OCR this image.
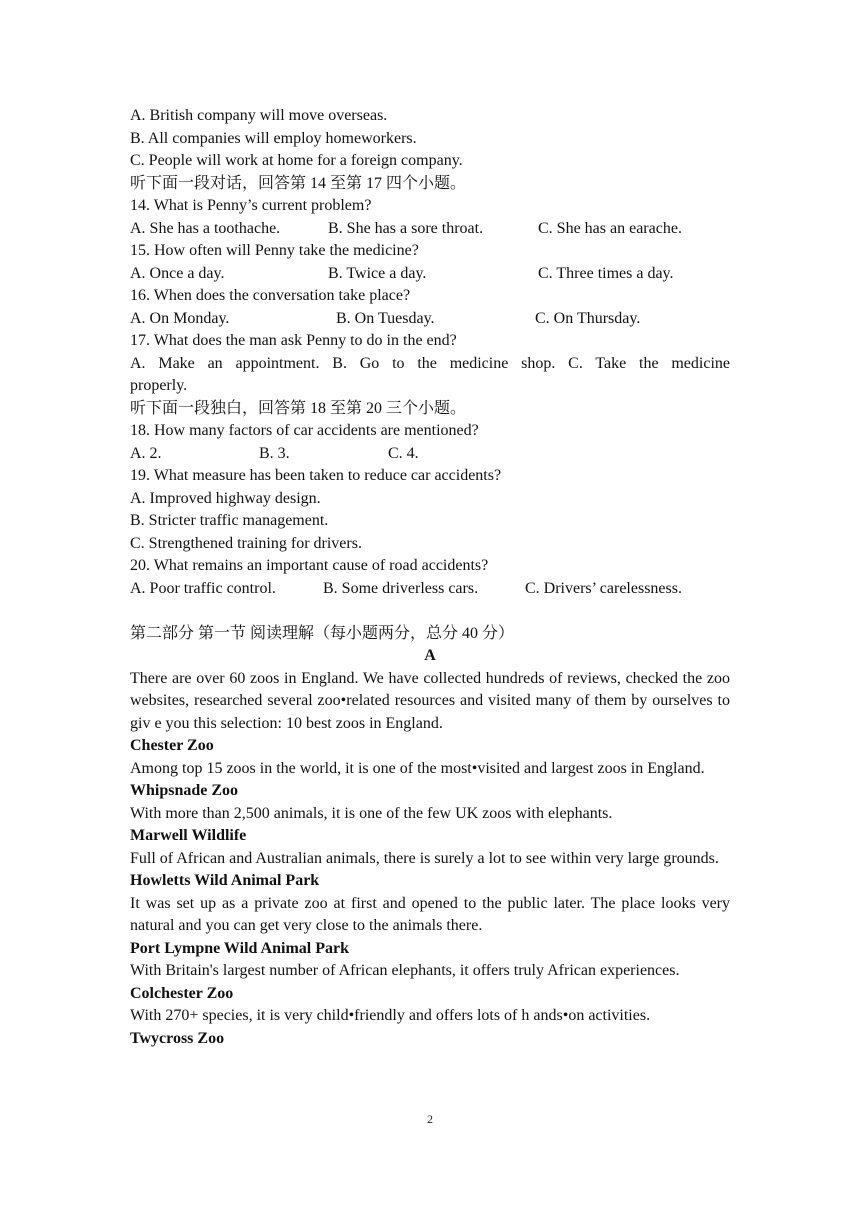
A. British company will move overseas.
B. All companies will employ homeworkers.
C. People will work at home for a foreign company.
听下面一段对话，回答第 14 至第 17 四个小题。
14. What is Penny’s current problem?
A. She has a toothache.	B. She has a sore throat.	C. She has an earache.
15. How often will Penny take the medicine?
A. Once a day.	B. Twice a day.	C. Three times a day.
16. When does the conversation take place?
A. On Monday.	B. On Tuesday.	C. On Thursday.
17. What does the man ask Penny to do in the end?
A. Make an appointment. B. Go to the medicine shop. C. Take the medicine
properly.
听下面一段独白，回答第 18 至第 20 三个小题。
18. How many factors of car accidents are mentioned?
A. 2.	B. 3.	C. 4.
19. What measure has been taken to reduce car accidents?
A. Improved highway design.
B. Stricter traffic management.
C. Strengthened training for drivers.
20. What remains an important cause of road accidents?
A. Poor traffic control.	B. Some driverless cars.	C. Drivers’ carelessness.
第二部分 第一节 阅读理解（每小题两分，总分 40 分）
A
There are over 60 zoos in England. We have collected hundreds of reviews, checked the zoo websites, researched several zoo•related resources and visited many of them by ourselves to giv e you this selection: 10 best zoos in England.
Chester Zoo
Among top 15 zoos in the world, it is one of the most•visited and largest zoos in England.
Whipsnade Zoo
With more than 2,500 animals, it is one of the few UK zoos with elephants.
Marwell Wildlife
Full of African and Australian animals, there is surely a lot to see within very large grounds.
Howletts Wild Animal Park
It was set up as a private zoo at first and opened to the public later. The place looks very natural and you can get very close to the animals there.
Port Lympne Wild Animal Park
With Britain's largest number of African elephants, it offers truly African experiences.
Colchester Zoo
With 270+ species, it is very child•friendly and offers lots of h ands•on activities.
Twycross Zoo
2
